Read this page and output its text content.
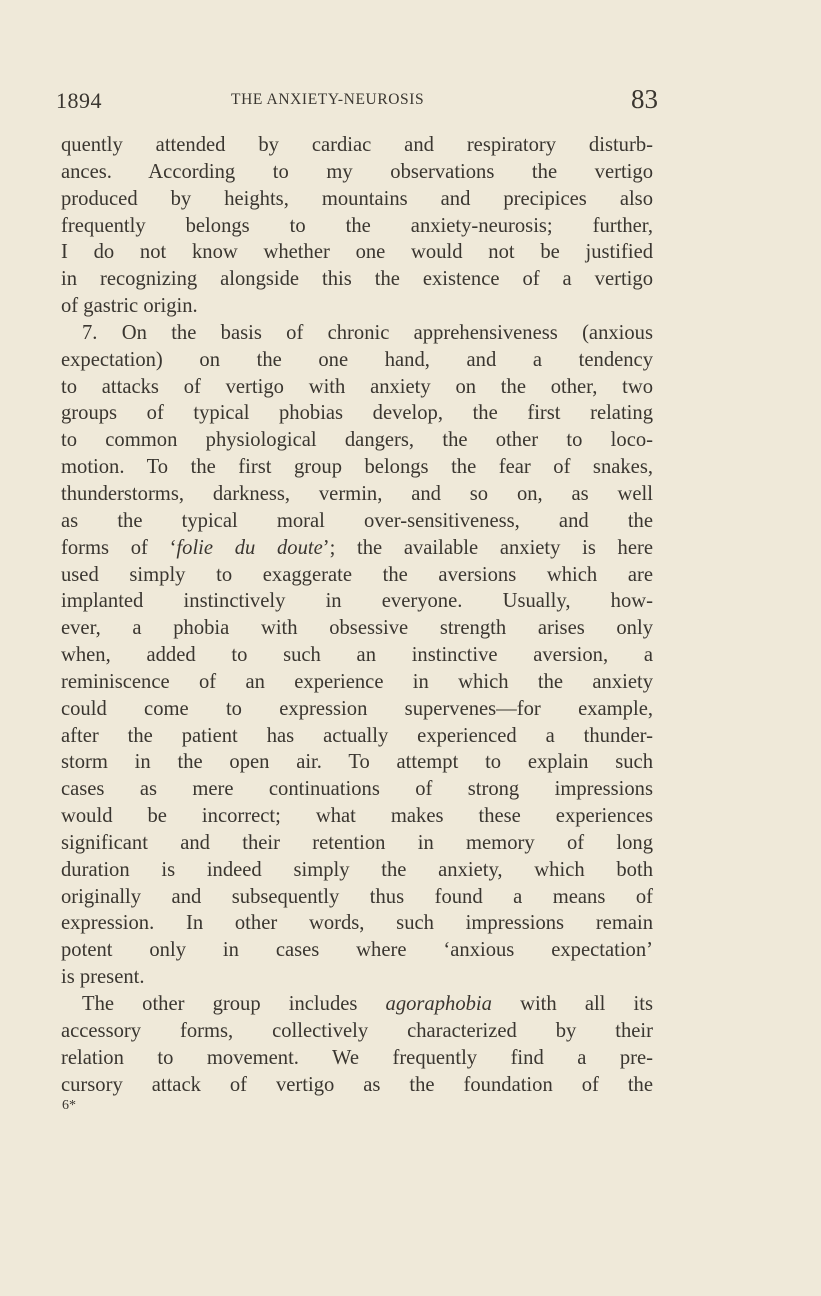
1894	THE ANXIETY-NEUROSIS	83
quently attended by cardiac and respiratory disturb-
ances. According to my observations the vertigo
produced by heights, mountains and precipices also
frequently belongs to the anxiety-neurosis; further,
I do not know whether one would not be justified
in recognizing alongside this the existence of a vertigo
of gastric origin.
7. On the basis of chronic apprehensiveness (anxious
expectation) on the one hand, and a tendency
to attacks of vertigo with anxiety on the other, two
groups of typical phobias develop, the first relating
to common physiological dangers, the other to loco-
motion. To the first group belongs the fear of snakes,
thunderstorms, darkness, vermin, and so on, as well
as the typical moral over-sensitiveness, and the
forms of ‘folie du doute’; the available anxiety is here
used simply to exaggerate the aversions which are
implanted instinctively in everyone. Usually, how-
ever, a phobia with obsessive strength arises only
when, added to such an instinctive aversion, a
reminiscence of an experience in which the anxiety
could come to expression supervenes—for example,
after the patient has actually experienced a thunder-
storm in the open air. To attempt to explain such
cases as mere continuations of strong impressions
would be incorrect; what makes these experiences
significant and their retention in memory of long
duration is indeed simply the anxiety, which both
originally and subsequently thus found a means of
expression. In other words, such impressions remain
potent only in cases where ‘anxious expectation’
is present.
The other group includes agoraphobia with all its
accessory forms, collectively characterized by their
relation to movement. We frequently find a pre-
cursory attack of vertigo as the foundation of the
6*
